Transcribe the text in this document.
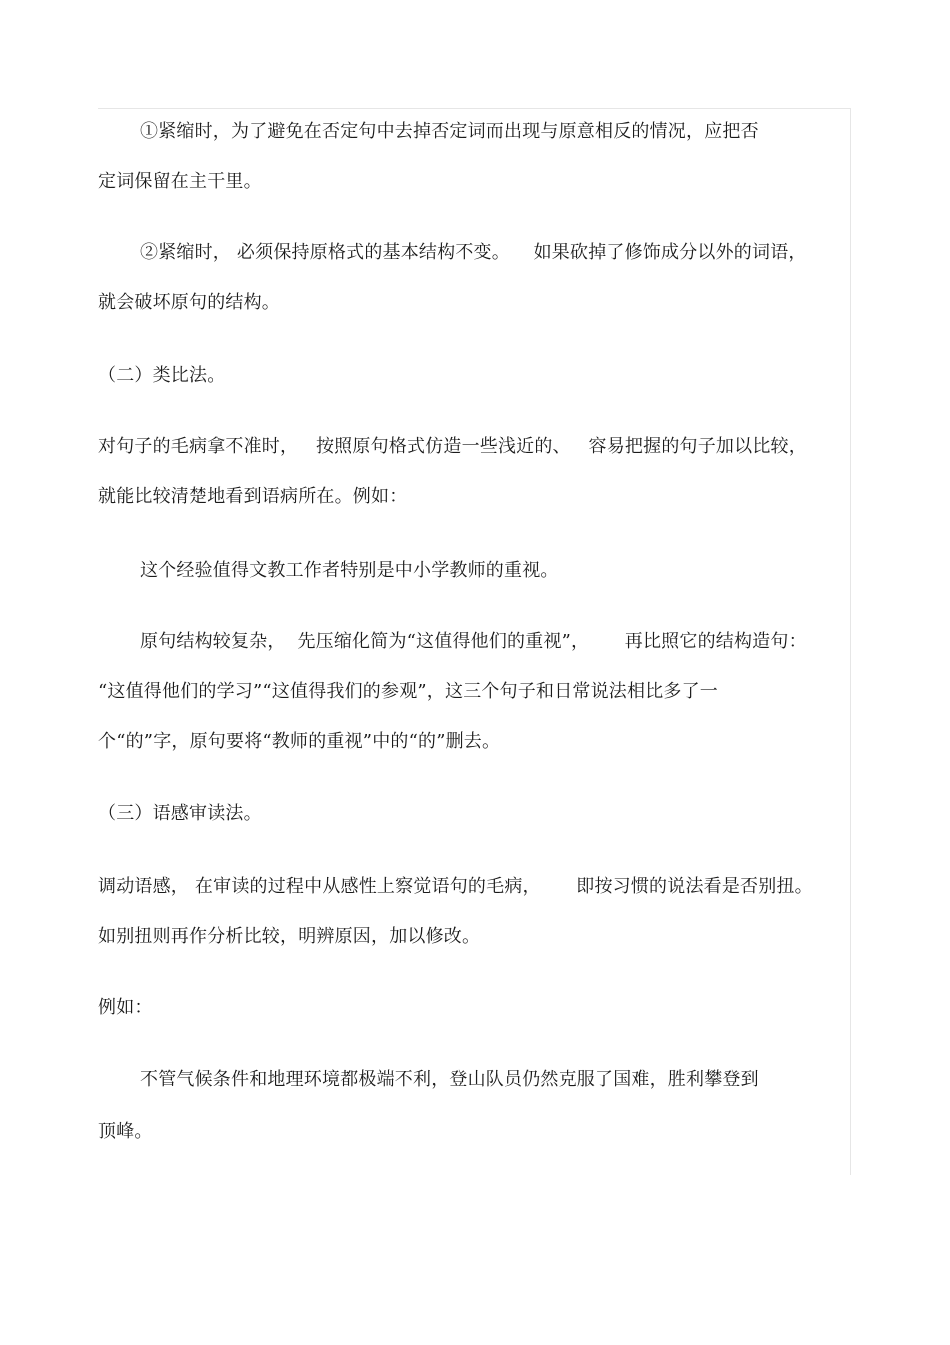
①紧缩时，为了避免在否定句中去掉否定词而出现与原意相反的情况，应把否
定词保留在主干里。
②紧缩时， 必须保持原格式的基本结构不变。    如果砍掉了修饰成分以外的词语，
就会破坏原句的结构。
（二）类比法。
对句子的毛病拿不准时，   按照原句格式仿造一些浅近的、   容易把握的句子加以比较，
就能比较清楚地看到语病所在。例如：
这个经验值得文教工作者特别是中小学教师的重视。
原句结构较复杂，  先压缩化简为“这值得他们的重视”，      再比照它的结构造句：
“这值得他们的学习”“这值得我们的参观”，这三个句子和日常说法相比多了一
个“的”字，原句要将“教师的重视”中的“的”删去。
（三）语感审读法。
调动语感， 在审读的过程中从感性上察觉语句的毛病，      即按习惯的说法看是否别扭。
如别扭则再作分析比较，明辨原因，加以修改。
例如：
不管气候条件和地理环境都极端不利，登山队员仍然克服了国难，胜利攀登到
顶峰。
